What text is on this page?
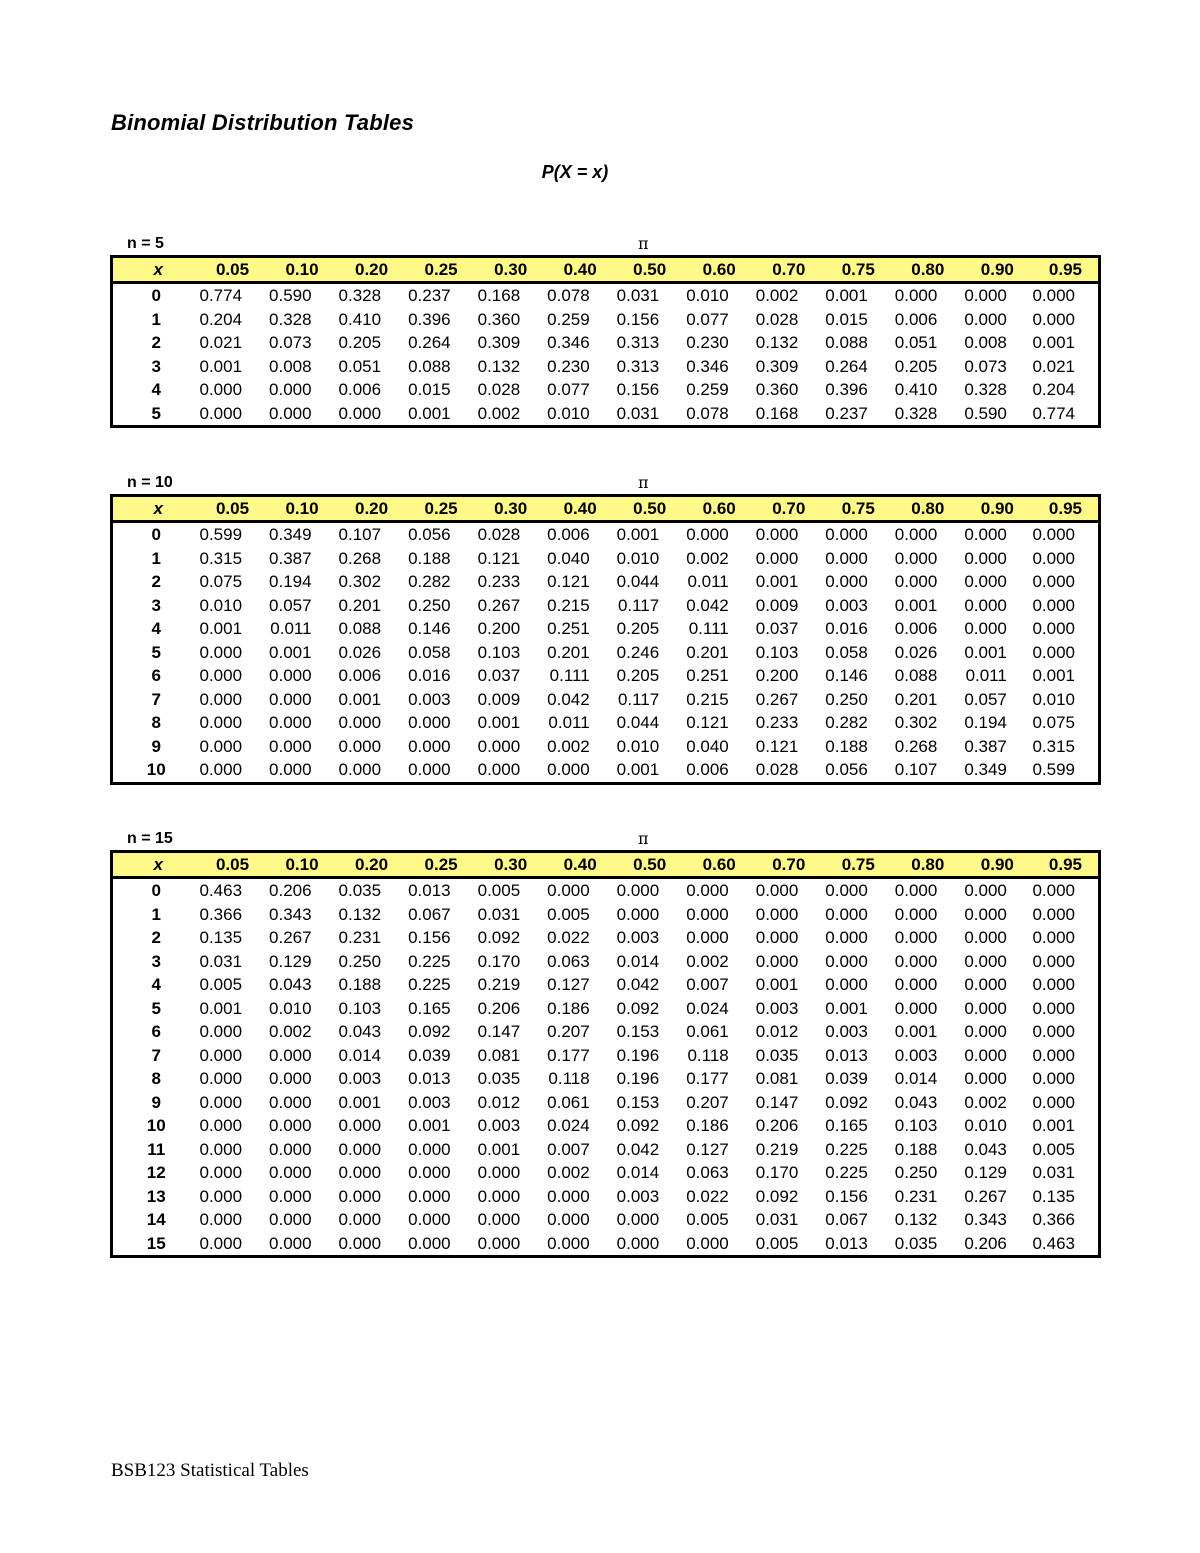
Binomial Distribution Tables
P(X = x)
n = 5	π
x	0.05	0.10	0.20	0.25	0.30	0.40	0.50	0.60	0.70	0.75	0.80	0.90	0.95
0	0.774	0.590	0.328	0.237	0.168	0.078	0.031	0.010	0.002	0.001	0.000	0.000	0.000
1	0.204	0.328	0.410	0.396	0.360	0.259	0.156	0.077	0.028	0.015	0.006	0.000	0.000
2	0.021	0.073	0.205	0.264	0.309	0.346	0.313	0.230	0.132	0.088	0.051	0.008	0.001
3	0.001	0.008	0.051	0.088	0.132	0.230	0.313	0.346	0.309	0.264	0.205	0.073	0.021
4	0.000	0.000	0.006	0.015	0.028	0.077	0.156	0.259	0.360	0.396	0.410	0.328	0.204
5	0.000	0.000	0.000	0.001	0.002	0.010	0.031	0.078	0.168	0.237	0.328	0.590	0.774
n = 10	π
x	0.05	0.10	0.20	0.25	0.30	0.40	0.50	0.60	0.70	0.75	0.80	0.90	0.95
0	0.599	0.349	0.107	0.056	0.028	0.006	0.001	0.000	0.000	0.000	0.000	0.000	0.000
1	0.315	0.387	0.268	0.188	0.121	0.040	0.010	0.002	0.000	0.000	0.000	0.000	0.000
2	0.075	0.194	0.302	0.282	0.233	0.121	0.044	0.011	0.001	0.000	0.000	0.000	0.000
3	0.010	0.057	0.201	0.250	0.267	0.215	0.117	0.042	0.009	0.003	0.001	0.000	0.000
4	0.001	0.011	0.088	0.146	0.200	0.251	0.205	0.111	0.037	0.016	0.006	0.000	0.000
5	0.000	0.001	0.026	0.058	0.103	0.201	0.246	0.201	0.103	0.058	0.026	0.001	0.000
6	0.000	0.000	0.006	0.016	0.037	0.111	0.205	0.251	0.200	0.146	0.088	0.011	0.001
7	0.000	0.000	0.001	0.003	0.009	0.042	0.117	0.215	0.267	0.250	0.201	0.057	0.010
8	0.000	0.000	0.000	0.000	0.001	0.011	0.044	0.121	0.233	0.282	0.302	0.194	0.075
9	0.000	0.000	0.000	0.000	0.000	0.002	0.010	0.040	0.121	0.188	0.268	0.387	0.315
10	0.000	0.000	0.000	0.000	0.000	0.000	0.001	0.006	0.028	0.056	0.107	0.349	0.599
n = 15	π
x	0.05	0.10	0.20	0.25	0.30	0.40	0.50	0.60	0.70	0.75	0.80	0.90	0.95
0	0.463	0.206	0.035	0.013	0.005	0.000	0.000	0.000	0.000	0.000	0.000	0.000	0.000
1	0.366	0.343	0.132	0.067	0.031	0.005	0.000	0.000	0.000	0.000	0.000	0.000	0.000
2	0.135	0.267	0.231	0.156	0.092	0.022	0.003	0.000	0.000	0.000	0.000	0.000	0.000
3	0.031	0.129	0.250	0.225	0.170	0.063	0.014	0.002	0.000	0.000	0.000	0.000	0.000
4	0.005	0.043	0.188	0.225	0.219	0.127	0.042	0.007	0.001	0.000	0.000	0.000	0.000
5	0.001	0.010	0.103	0.165	0.206	0.186	0.092	0.024	0.003	0.001	0.000	0.000	0.000
6	0.000	0.002	0.043	0.092	0.147	0.207	0.153	0.061	0.012	0.003	0.001	0.000	0.000
7	0.000	0.000	0.014	0.039	0.081	0.177	0.196	0.118	0.035	0.013	0.003	0.000	0.000
8	0.000	0.000	0.003	0.013	0.035	0.118	0.196	0.177	0.081	0.039	0.014	0.000	0.000
9	0.000	0.000	0.001	0.003	0.012	0.061	0.153	0.207	0.147	0.092	0.043	0.002	0.000
10	0.000	0.000	0.000	0.001	0.003	0.024	0.092	0.186	0.206	0.165	0.103	0.010	0.001
11	0.000	0.000	0.000	0.000	0.001	0.007	0.042	0.127	0.219	0.225	0.188	0.043	0.005
12	0.000	0.000	0.000	0.000	0.000	0.002	0.014	0.063	0.170	0.225	0.250	0.129	0.031
13	0.000	0.000	0.000	0.000	0.000	0.000	0.003	0.022	0.092	0.156	0.231	0.267	0.135
14	0.000	0.000	0.000	0.000	0.000	0.000	0.000	0.005	0.031	0.067	0.132	0.343	0.366
15	0.000	0.000	0.000	0.000	0.000	0.000	0.000	0.000	0.005	0.013	0.035	0.206	0.463
BSB123 Statistical Tables
